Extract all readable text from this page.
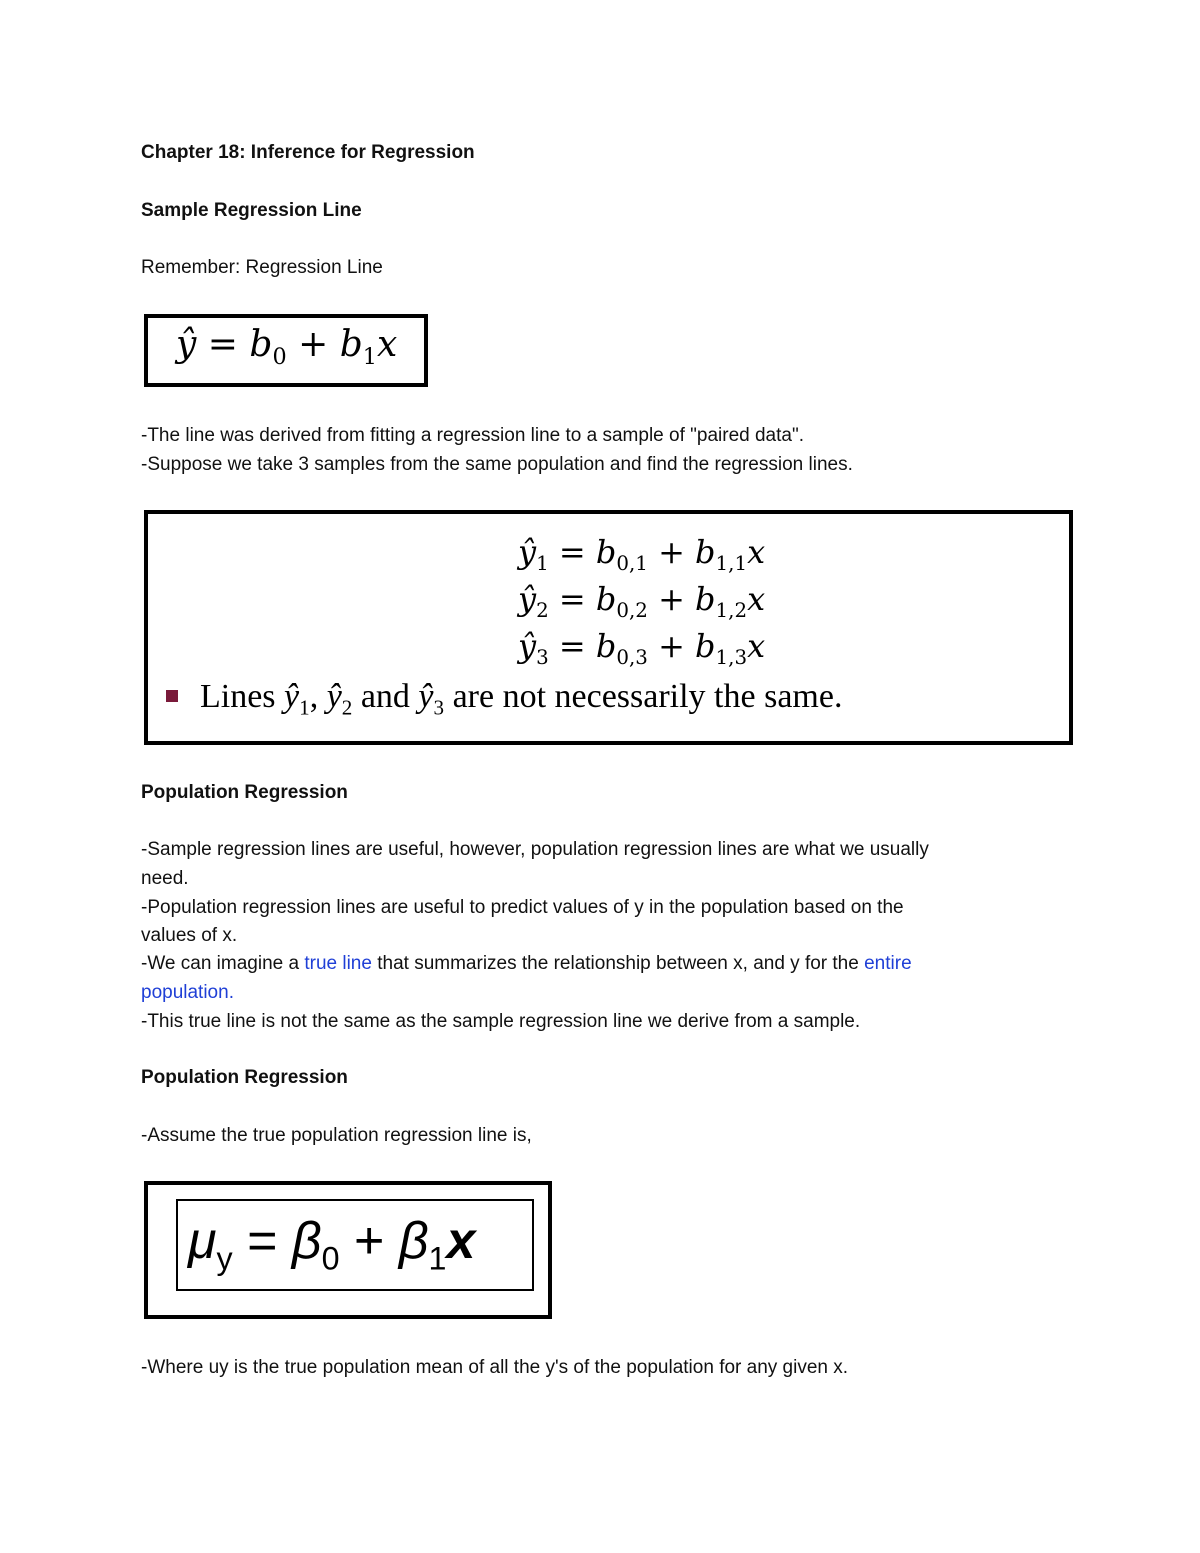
Chapter 18: Inference for Regression

Sample Regression Line

Remember: Regression Line

ŷ = $b_0 + b_1x$

-The line was derived from fitting a regression line to a sample of "paired data".

-Suppose we take 3 samples from the same population and find the regression lines.

$ŷ_1 = b_{0,1} + b_{1,1}x$
$ŷ_2 = b_{0,2} + b_{1,2}x$
$ŷ_3 = b_{0,3} + b_{1,3}x$
Lines $ŷ_1$, $ŷ_2$ and $ŷ_3$ are not necessarily the same.

Population Regression

-Sample regression lines are useful, however, population regression lines are what we usually

need.

-Population regression lines are useful to predict values of y in the population based on the

values of x.

-We can imagine a true line that summarizes the relationship between x, and y for the entire

population.

-This true line is not the same as the sample regression line we derive from a sample.

Population Regression

-Assume the true population regression line is,

$\mu_y = \beta_0 + \beta_1x$

-Where uy is the true population mean of all the y's of the population for any given x.
